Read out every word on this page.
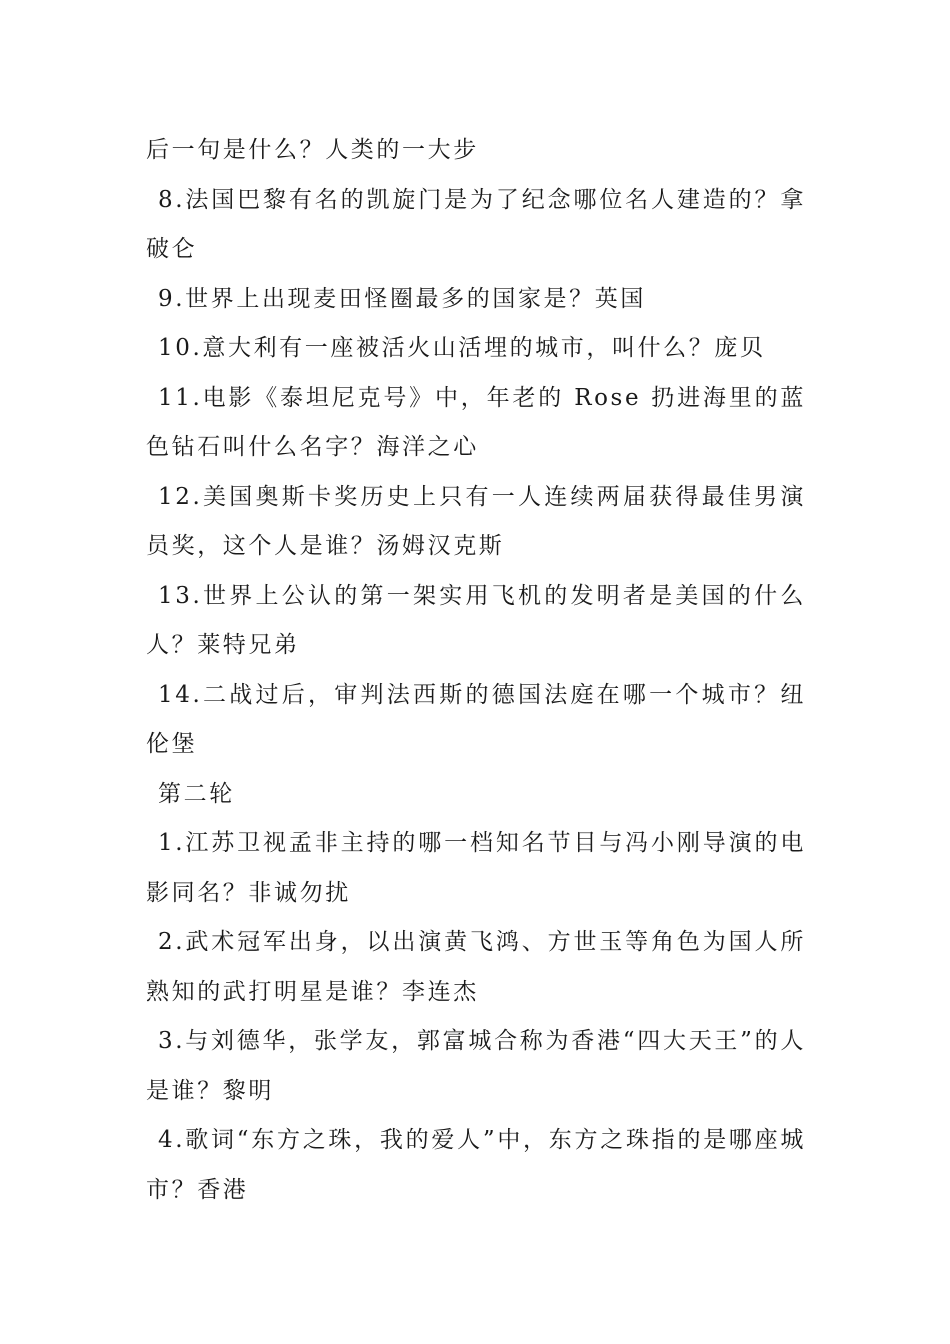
后一句是什么？人类的一大步

8.法国巴黎有名的凯旋门是为了纪念哪位名人建造的？拿破仑

9.世界上出现麦田怪圈最多的国家是？英国

10.意大利有一座被活火山活埋的城市，叫什么？庞贝

11.电影《泰坦尼克号》中，年老的 Rose 扔进海里的蓝色钻石叫什么名字？海洋之心

12.美国奥斯卡奖历史上只有一人连续两届获得最佳男演员奖，这个人是谁？汤姆汉克斯

13.世界上公认的第一架实用飞机的发明者是美国的什么人？莱特兄弟

14.二战过后，审判法西斯的德国法庭在哪一个城市？纽伦堡

第二轮

1.江苏卫视孟非主持的哪一档知名节目与冯小刚导演的电影同名？非诚勿扰

2.武术冠军出身，以出演黄飞鸿、方世玉等角色为国人所熟知的武打明星是谁？李连杰

3.与刘德华，张学友，郭富城合称为香港“四大天王”的人是谁？黎明

4.歌词“东方之珠，我的爱人”中，东方之珠指的是哪座城市？香港
